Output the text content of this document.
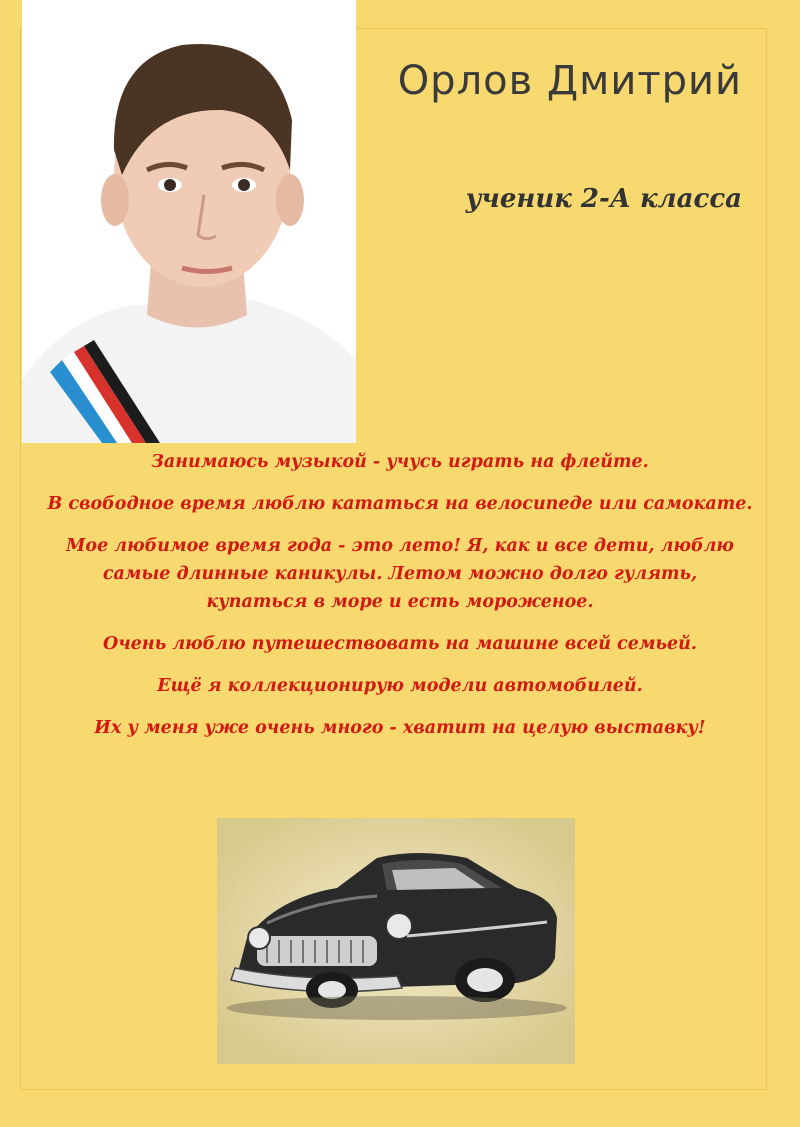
Орлов Дмитрий
ученик 2-А класса

Занимаюсь музыкой - учусь играть на флейте.

В свободное время люблю кататься на велосипеде или самокате.

Мое любимое время года - это лето! Я, как и все дети, люблю самые длинные каникулы. Летом можно долго гулять, купаться в море и есть мороженое.

Очень люблю путешествовать на машине всей семьей.

Ещё я коллекционирую модели автомобилей.

Их у меня уже очень много - хватит на целую выставку!
